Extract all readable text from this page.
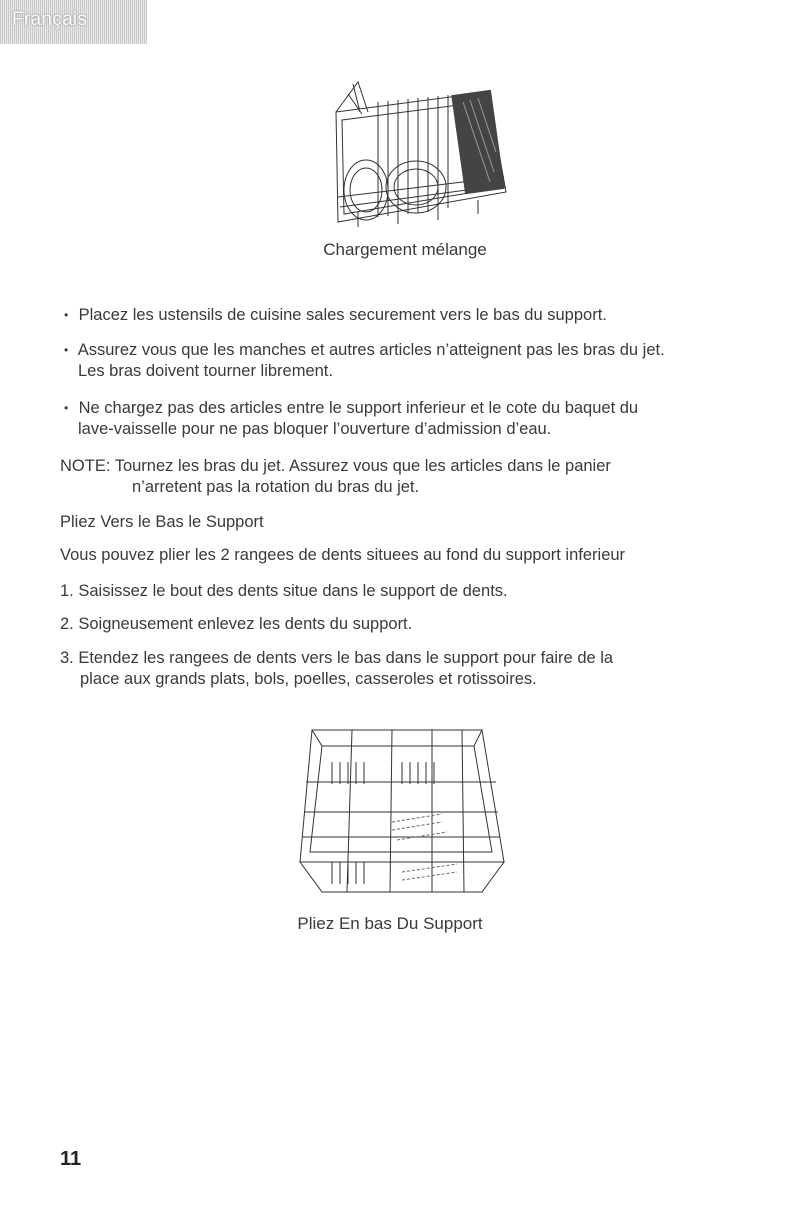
Français
Chargement mélange
• Placez les ustensils de cuisine sales securement vers le bas du support.
• Assurez vous que les manches et autres articles n’atteignent pas les bras du jet.
Les bras doivent tourner librement.
• Ne chargez pas des articles entre le support inferieur et le cote du baquet du
lave-vaisselle pour ne pas bloquer l’ouverture d’admission d’eau.
NOTE: Tournez les bras du jet. Assurez vous que les articles dans le panier
n’arretent pas la rotation du bras du jet.
Pliez Vers le Bas le Support
Vous pouvez plier les 2 rangees de dents situees au fond du support inferieur
1. Saisissez le bout des dents situe dans le support de dents.
2. Soigneusement enlevez les dents du support.
3. Etendez les rangees de dents vers le bas dans le support pour faire de la
place aux grands plats, bols, poelles, casseroles et rotissoires.
Pliez En bas Du Support
11
